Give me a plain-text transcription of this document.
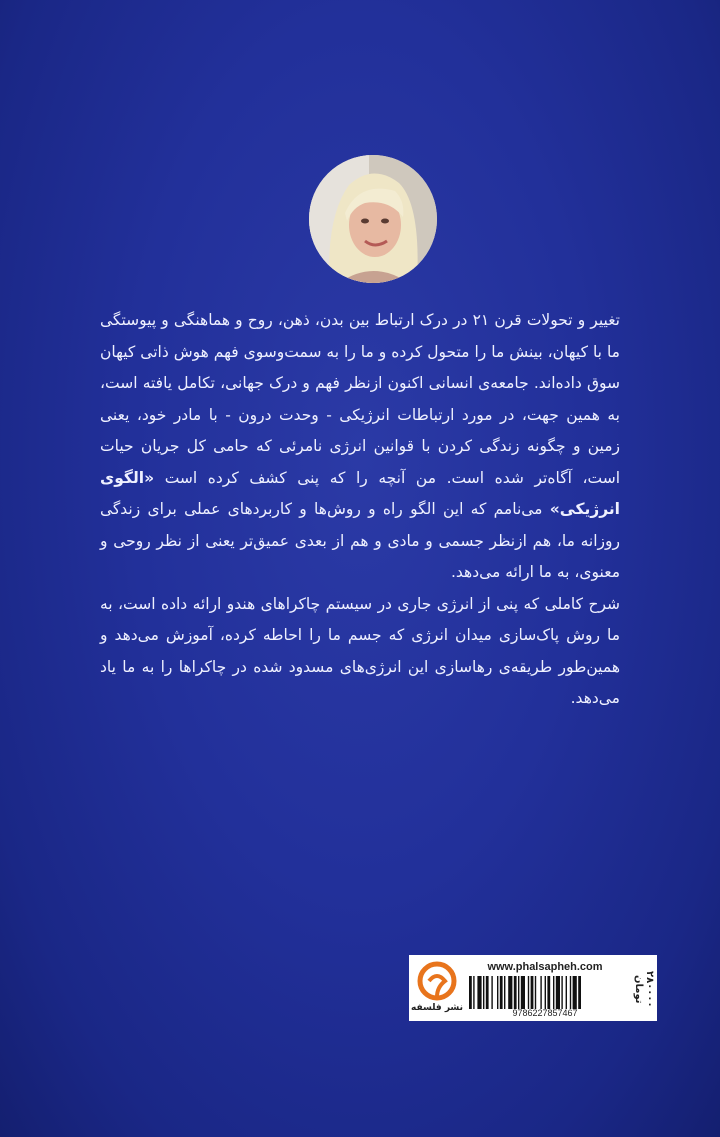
تغییر و تحولات قرن ۲۱ در درک ارتباط بین بدن، ذهن، روح و هماهنگی و پیوستگی ما با کیهان، بینش ما را متحول کرده و ما را به سمت‌وسوی فهم هوش ذاتی کیهان سوق داده‌اند. جامعه‌ی انسانی اکنون ازنظر فهم و درک جهانی، تکامل یافته است، به همین جهت، در مورد ارتباطات انرژیکی - وحدت درون - با مادر خود، یعنی زمین و چگونه زندگی کردن با قوانین انرژی نامرئی که حامی کل جریان حیات است، آگاه‌تر شده است. من آنچه را که پنی کشف کرده است «الگوی انرژیکی» می‌نامم که این الگو راه و روش‌ها و کاربردهای عملی برای زندگی روزانه ما، هم ازنظر جسمی و مادی و هم از بعدی عمیق‌تر یعنی از نظر روحی و معنوی، به ما ارائه می‌دهد.

شرح کاملی که پنی از انرژی جاری در سیستم چاکراهای هندو ارائه داده است، به ما روش پاک‌سازی میدان انرژی که جسم ما را احاطه کرده، آموزش می‌دهد و همین‌طور طریقه‌ی رهاسازی این انرژی‌های مسدود شده در چاکراها را به ما یاد می‌دهد.

نشر فلسفه
www.phalsapheh.com
9786227857467
۲۸۰۰۰۰ تومان
